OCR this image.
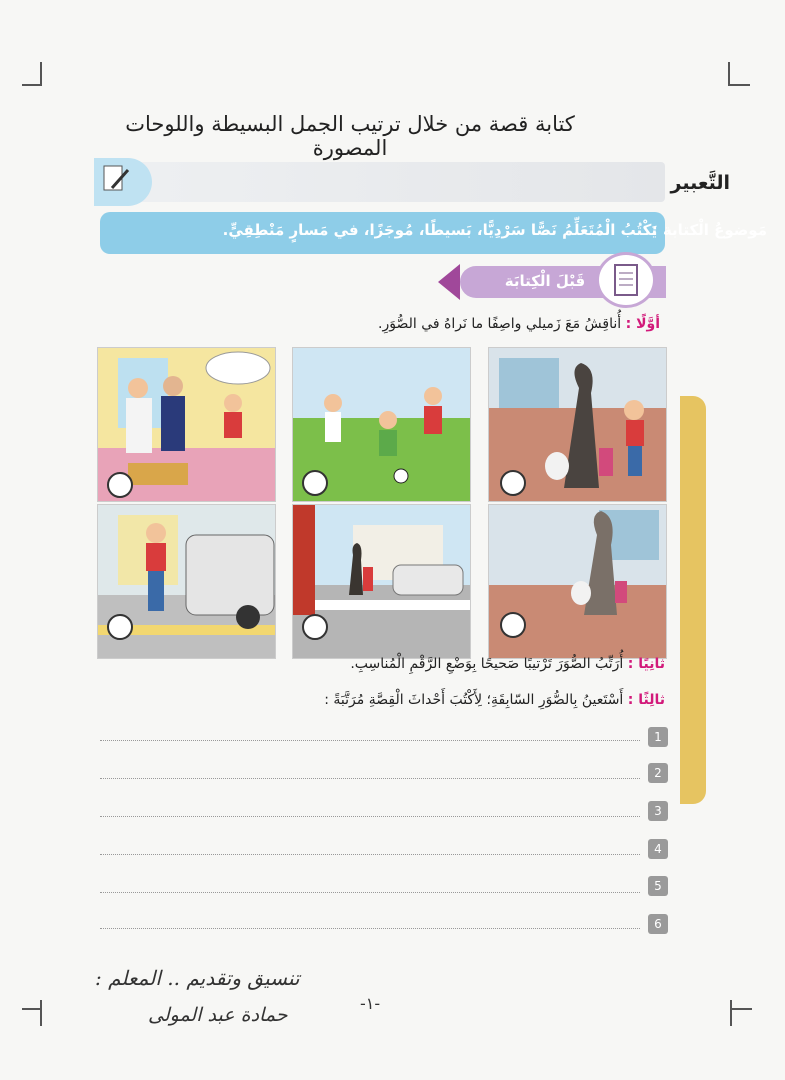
كتابة قصة من خلال ترتيب الجمل البسيطة واللوحات المصورة
التَّعبير
مَوضوعُ الْكتابة :
يَكْتُبُ الْمُتَعَلِّمُ نَصًّا سَرْدِيًّا، بَسيطًا، مُوجَزًا، في مَسارٍ مَنْطِقِيٍّ.
قَبْلَ الْكِتابَة
أوَّلًا : أُناقِشُ مَعَ زَميلي واصِفًا ما نَراهُ في الصُّوَرِ.
ثانِيًا : أُرَتِّبُ الصُّوَرَ تَرْتيبًا صَحيحًا بِوَضْعِ الرَّقْمِ الْمُناسِبِ.
ثالِثًا : أَسْتَعينُ بِالصُّوَرِ السّابِقَةِ؛ لِأَكْتُبَ أَحْداثَ الْقِصَّةِ مُرَتَّبَةً :
1
2
3
4
5
6
تنسيق وتقديم .. المعلم :
حمادة عبد المولى
-١-
